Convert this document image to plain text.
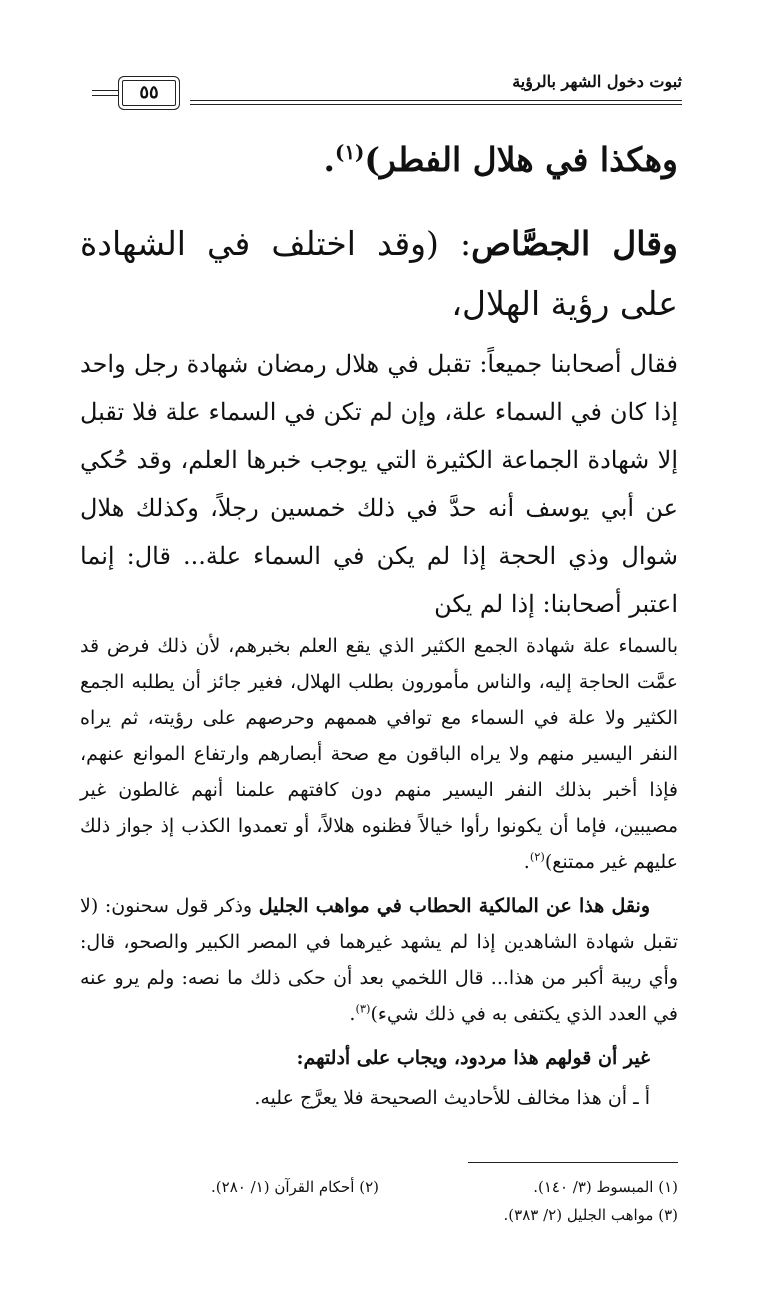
ثبوت دخول الشهر بالرؤية
٥٥

وهكذا في هلال الفطر)$^{(١)}$.

وقال الجصَّاص: (وقد اختلف في الشهادة على رؤية الهلال،

فقال أصحابنا جميعاً: تقبل في هلال رمضان شهادة رجل واحد إذا كان في السماء علة، وإن لم تكن في السماء علة فلا تقبل إلا شهادة الجماعة الكثيرة التي يوجب خبرها العلم، وقد حُكي عن أبي يوسف أنه حدَّ في ذلك خمسين رجلاً، وكذلك هلال شوال وذي الحجة إذا لم يكن في السماء علة... قال: إنما اعتبر أصحابنا: إذا لم يكن

بالسماء علة شهادة الجمع الكثير الذي يقع العلم بخبرهم، لأن ذلك فرض قد عمَّت الحاجة إليه، والناس مأمورون بطلب الهلال، فغير جائز أن يطلبه الجمع الكثير ولا علة في السماء مع توافي هممهم وحرصهم على رؤيته، ثم يراه النفر اليسير منهم ولا يراه الباقون مع صحة أبصارهم وارتفاع الموانع عنهم، فإذا أخبر بذلك النفر اليسير منهم دون كافتهم علمنا أنهم غالطون غير مصيبين، فإما أن يكونوا رأوا خيالاً فظنوه هلالاً، أو تعمدوا الكذب إذ جواز ذلك عليهم غير ممتنع)$^{(٢)}$.

ونقل هذا عن المالكية الحطاب في مواهب الجليل وذكر قول سحنون: (لا تقبل شهادة الشاهدين إذا لم يشهد غيرهما في المصر الكبير والصحو، قال: وأي ريبة أكبر من هذا... قال اللخمي بعد أن حكى ذلك ما نصه: ولم يرو عنه في العدد الذي يكتفى به في ذلك شيء)$^{(٣)}$.

غير أن قولهم هذا مردود، ويجاب على أدلتهم:

أ ـ أن هذا مخالف للأحاديث الصحيحة فلا يعرَّج عليه.

(١) المبسوط (٣/ ١٤٠).
(٢) أحكام القرآن (١/ ٢٨٠).
(٣) مواهب الجليل (٢/ ٣٨٣).
